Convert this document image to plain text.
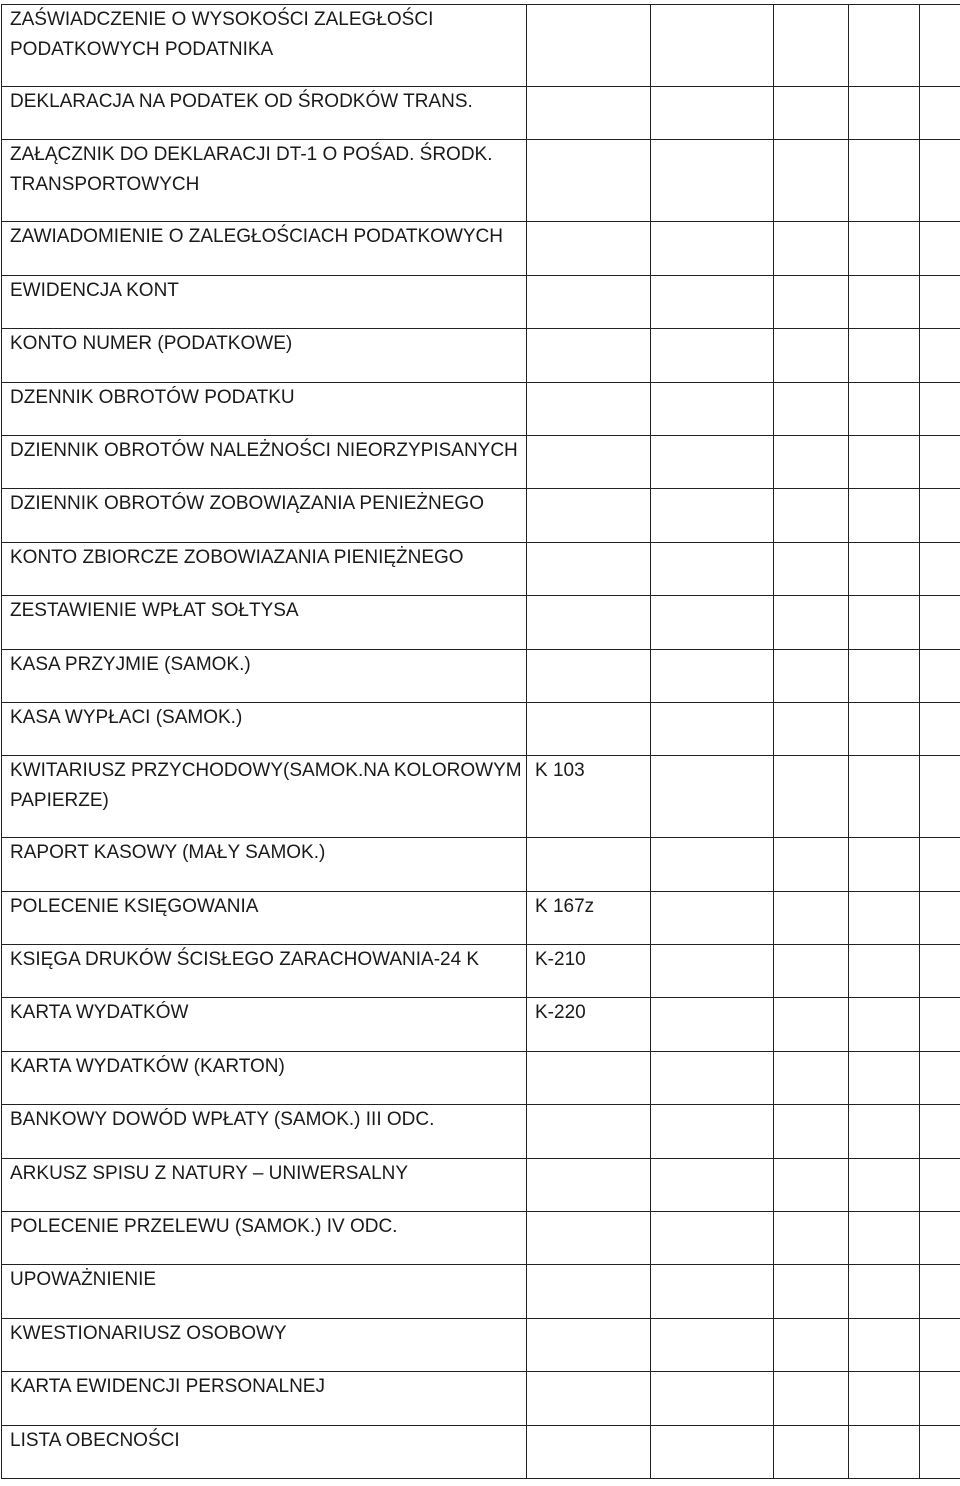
ZAŚWIADCZENIE O WYSOKOŚCI ZALEGŁOŚCI PODATKOWYCH PODATNIKA					

DEKLARACJA NA PODATEK OD ŚRODKÓW TRANS.					

ZAŁĄCZNIK DO DEKLARACJI DT-1 O POŚAD. ŚRODK. TRANSPORTOWYCH					

ZAWIADOMIENIE O ZALEGŁOŚCIACH PODATKOWYCH					

EWIDENCJA KONT					

KONTO NUMER (PODATKOWE)					

DZENNIK OBROTÓW PODATKU					

DZIENNIK OBROTÓW NALEŻNOŚCI NIEORZYPISANYCH					

DZIENNIK OBROTÓW ZOBOWIĄZANIA PENIEŻNEGO					

KONTO ZBIORCZE ZOBOWIAZANIA PIENIĘŻNEGO					

ZESTAWIENIE WPŁAT SOŁTYSA					

KASA PRZYJMIE (SAMOK.)					

KASA WYPŁACI (SAMOK.)					

KWITARIUSZ PRZYCHODOWY(SAMOK.NA KOLOROWYM PAPIERZE)	K 103				

RAPORT KASOWY (MAŁY SAMOK.)					

POLECENIE KSIĘGOWANIA	K 167z				

KSIĘGA DRUKÓW ŚCISŁEGO ZARACHOWANIA-24 K	K-210				

KARTA WYDATKÓW	K-220				

KARTA WYDATKÓW (KARTON)					

BANKOWY DOWÓD WPŁATY (SAMOK.) III ODC.					

ARKUSZ SPISU Z NATURY – UNIWERSALNY					

POLECENIE PRZELEWU (SAMOK.) IV ODC.					

UPOWAŻNIENIE					

KWESTIONARIUSZ OSOBOWY					

KARTA EWIDENCJI PERSONALNEJ					

LISTA OBECNOŚCI					
